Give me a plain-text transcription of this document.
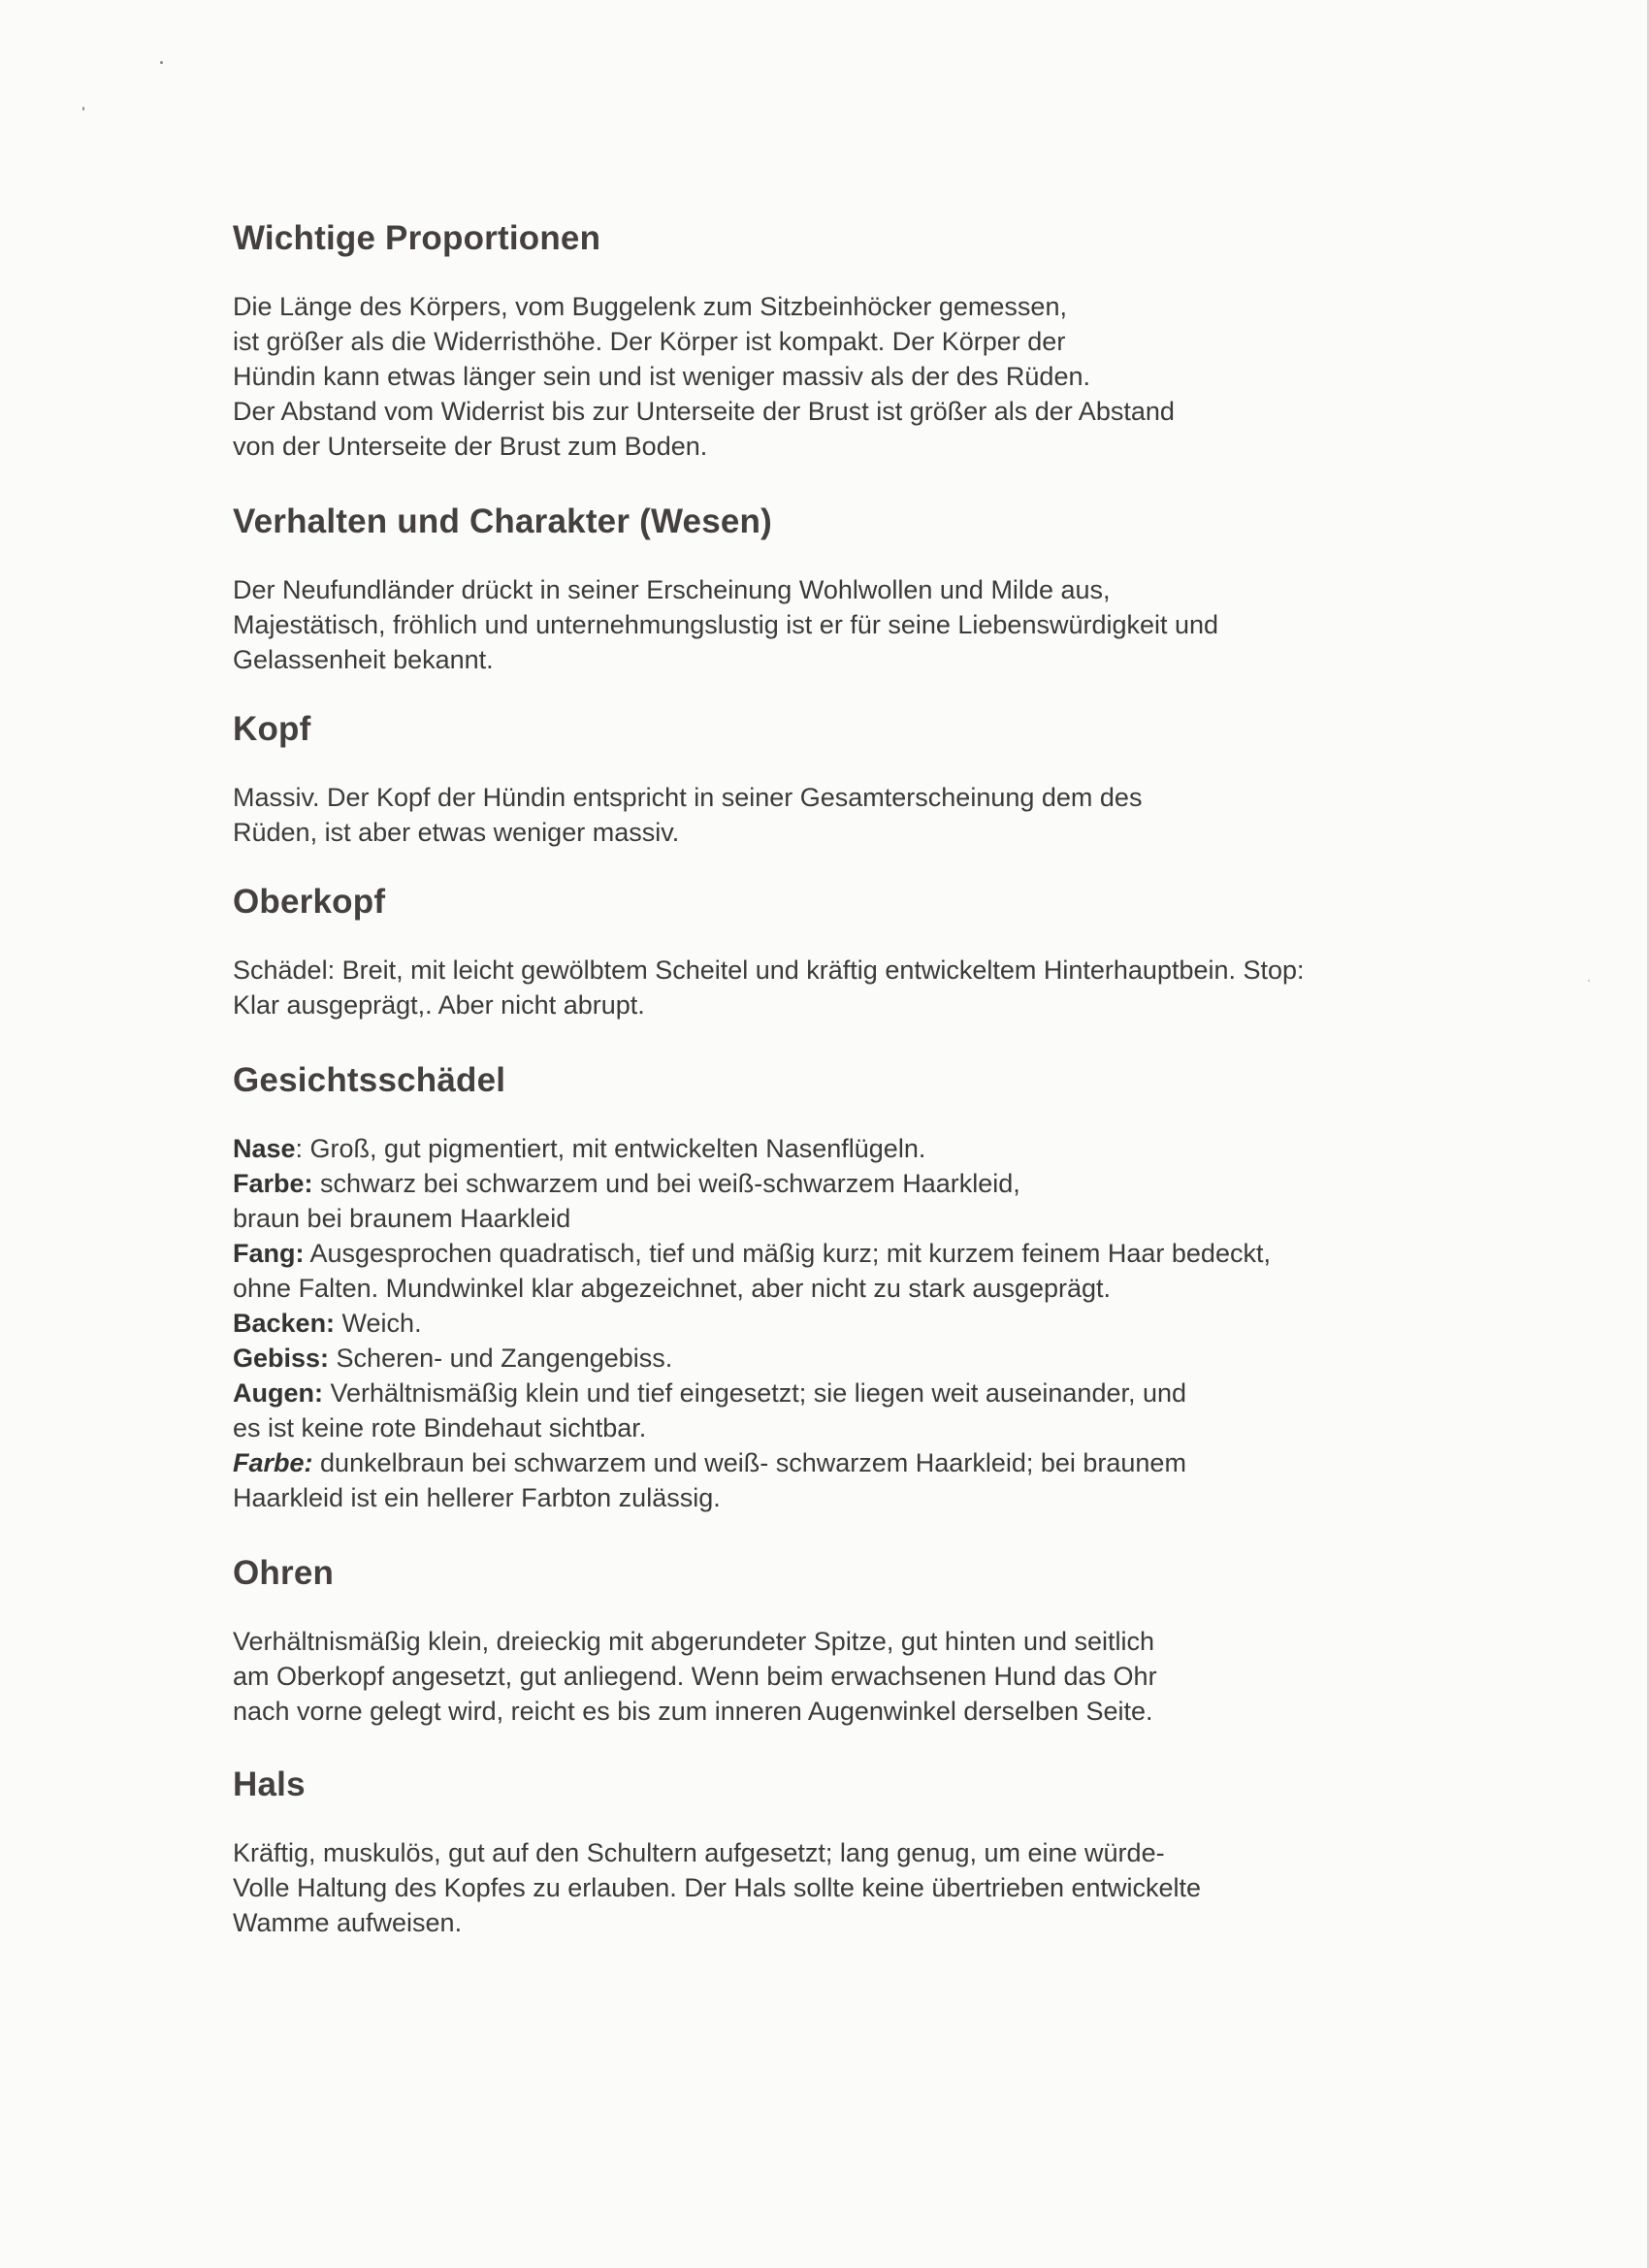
Wichtige Proportionen
Die Länge des Körpers, vom Buggelenk zum Sitzbeinhöcker gemessen,
ist größer als die Widerristhöhe. Der Körper ist kompakt. Der Körper der
Hündin kann etwas länger sein und ist weniger massiv als der des Rüden.
Der Abstand vom Widerrist bis zur Unterseite der Brust ist größer als der Abstand
von der Unterseite der Brust zum Boden.
Verhalten und Charakter (Wesen)
Der Neufundländer drückt in seiner Erscheinung Wohlwollen und Milde aus,
Majestätisch, fröhlich und unternehmungslustig ist er für seine Liebenswürdigkeit und
Gelassenheit bekannt.
Kopf
Massiv. Der Kopf der Hündin entspricht in seiner Gesamterscheinung dem des
Rüden, ist aber etwas weniger massiv.
Oberkopf
Schädel: Breit, mit leicht gewölbtem Scheitel und kräftig entwickeltem Hinterhauptbein. Stop:
Klar ausgeprägt,. Aber nicht abrupt.
Gesichtsschädel
Nase: Groß, gut pigmentiert, mit entwickelten Nasenflügeln.
Farbe: schwarz bei schwarzem und bei weiß-schwarzem Haarkleid,
braun bei braunem Haarkleid
Fang: Ausgesprochen quadratisch, tief und mäßig kurz; mit kurzem feinem Haar bedeckt,
ohne Falten. Mundwinkel klar abgezeichnet, aber nicht zu stark ausgeprägt.
Backen: Weich.
Gebiss: Scheren- und Zangengebiss.
Augen: Verhältnismäßig klein und tief eingesetzt; sie liegen weit auseinander, und
es ist keine rote Bindehaut sichtbar.
Farbe: dunkelbraun bei schwarzem und weiß- schwarzem Haarkleid; bei braunem
Haarkleid ist ein hellerer Farbton zulässig.
Ohren
Verhältnismäßig klein, dreieckig mit abgerundeter Spitze, gut hinten und seitlich
am Oberkopf angesetzt, gut anliegend. Wenn beim erwachsenen Hund das Ohr
nach vorne gelegt wird, reicht es bis zum inneren Augenwinkel derselben Seite.
Hals
Kräftig, muskulös, gut auf den Schultern aufgesetzt; lang genug, um eine würde-
Volle Haltung des Kopfes zu erlauben. Der Hals sollte keine übertrieben entwickelte
Wamme aufweisen.
